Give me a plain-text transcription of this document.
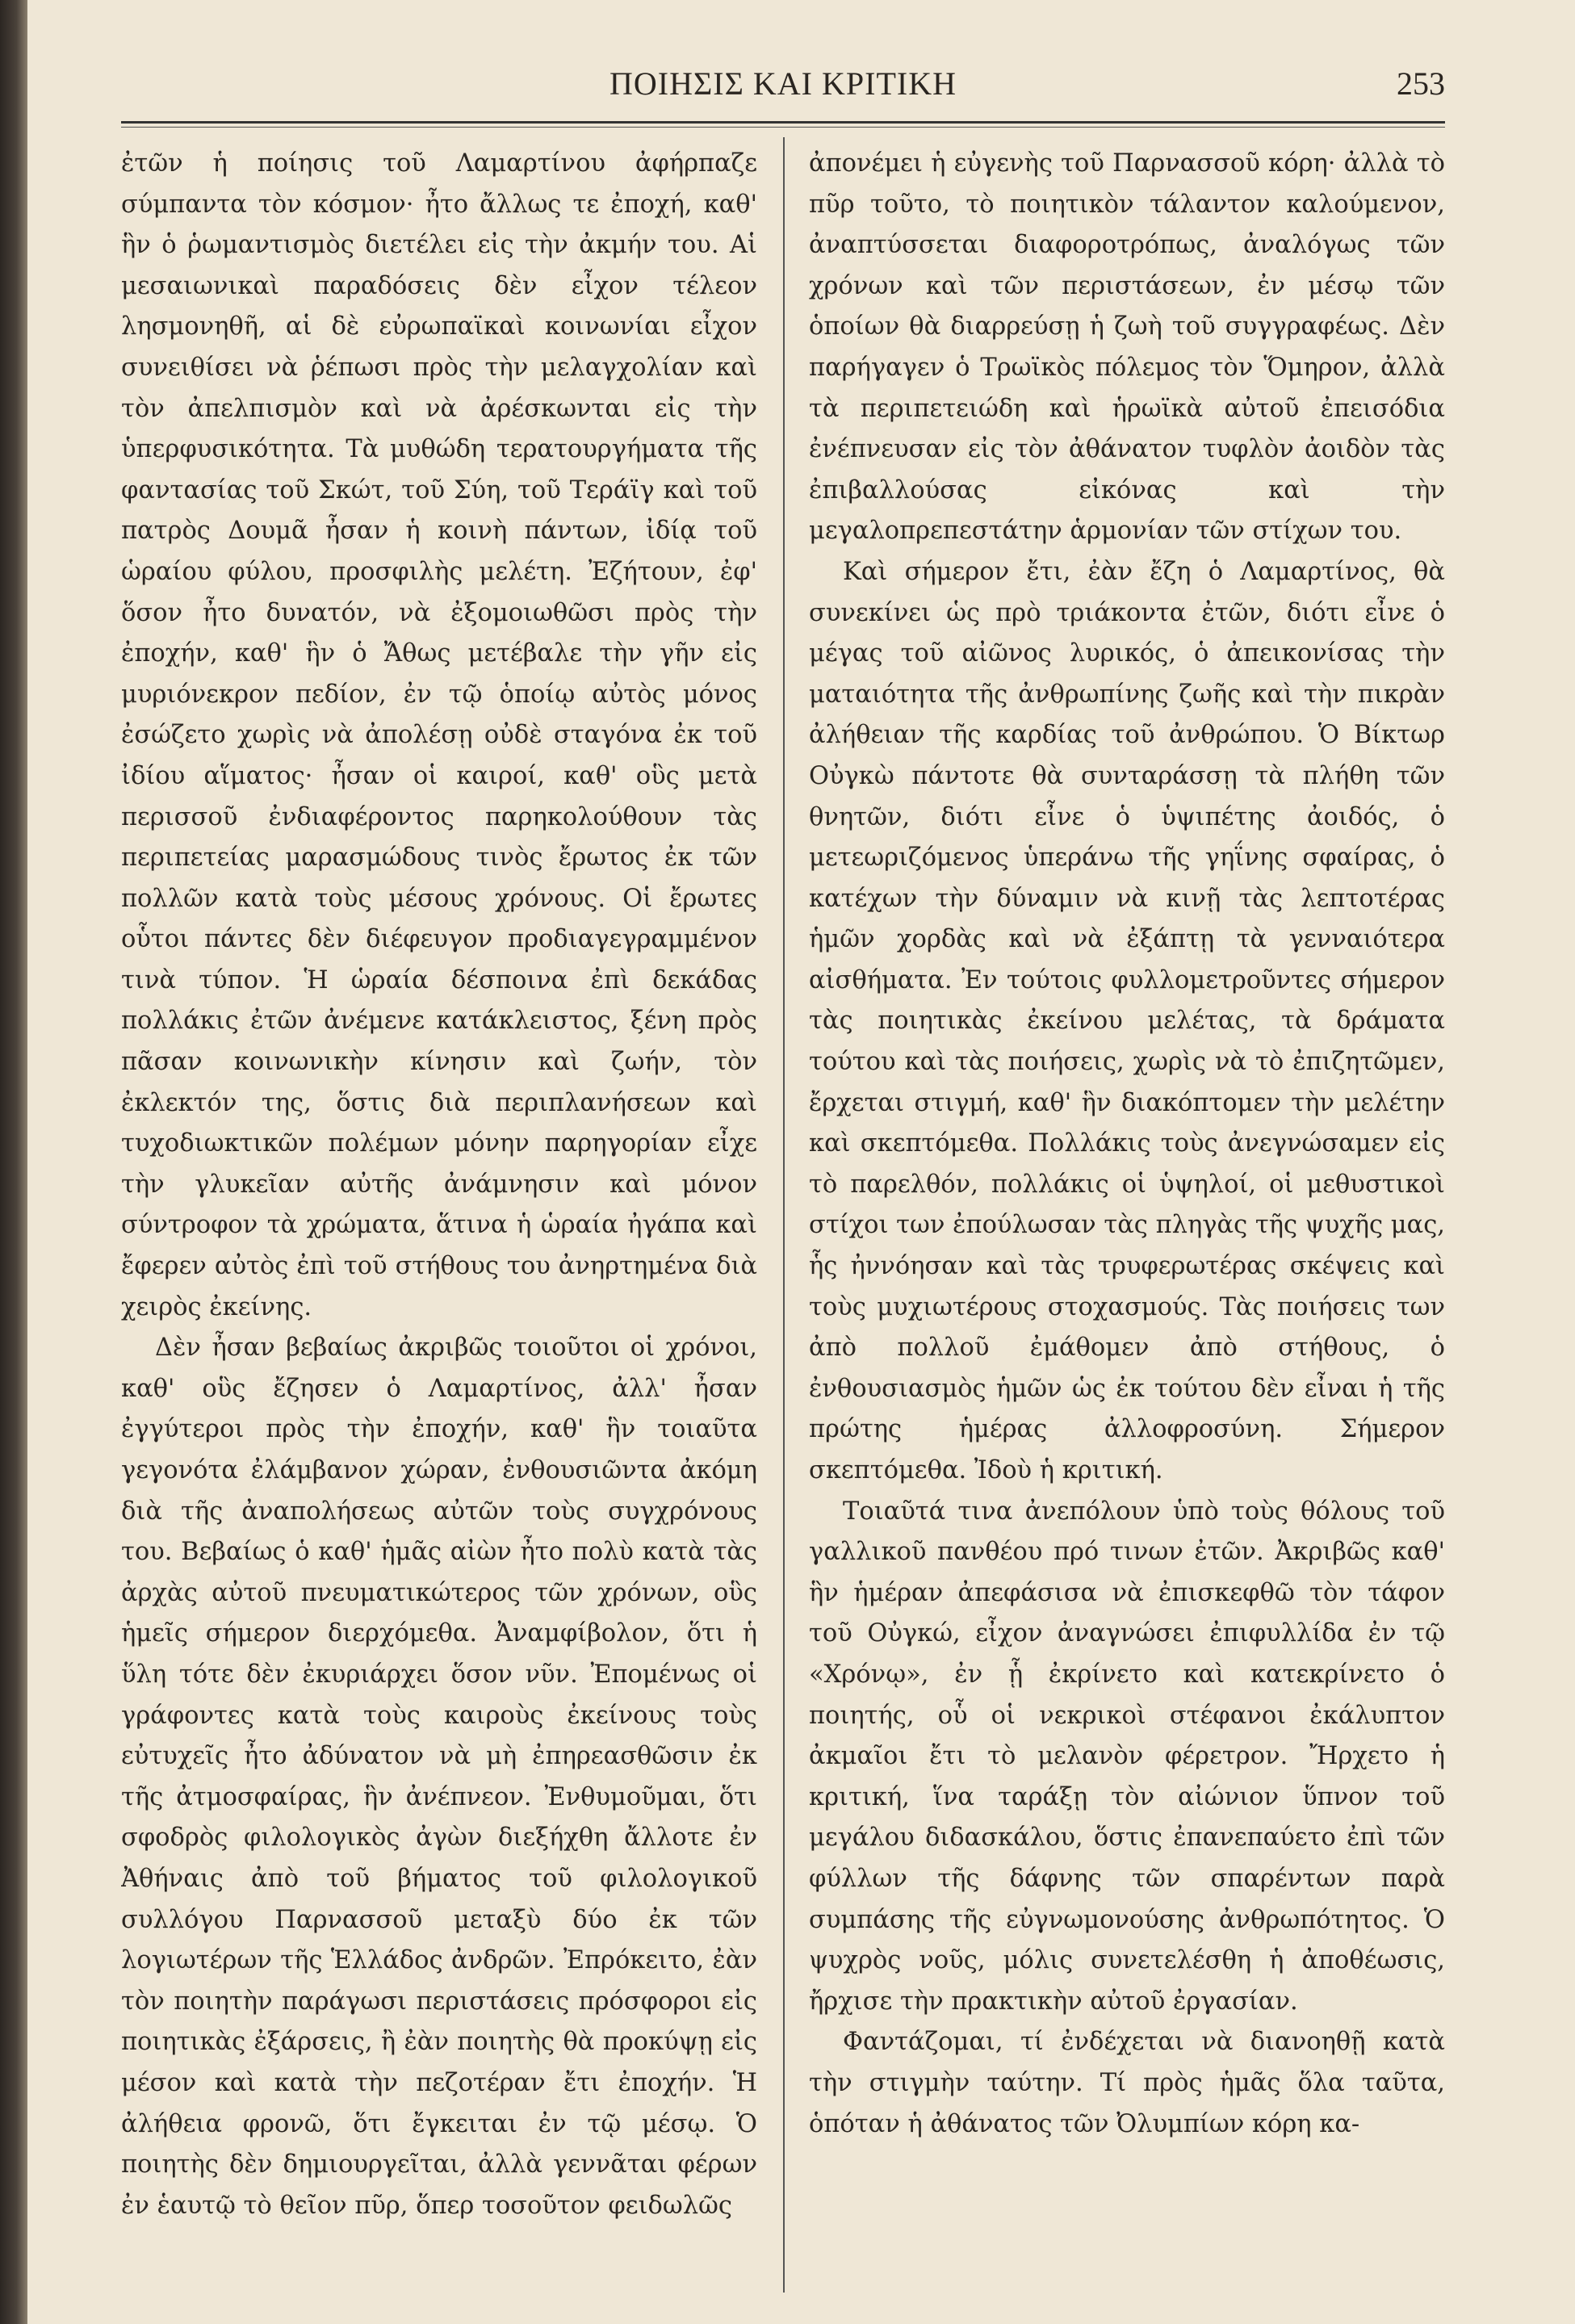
ΠΟΙΗΣΙΣ ΚΑΙ ΚΡΙΤΙΚΗ	253

ἐτῶν ἡ ποίησις τοῦ Λαμαρτίνου ἀφήρπαζε σύμπαντα τὸν κόσμον· ἦτο ἄλλως τε ἐποχή, καθ' ἣν ὁ ῥωμαντισμὸς διετέλει εἰς τὴν ἀκμήν του. Αἱ μεσαιωνικαὶ παραδόσεις δὲν εἶχον τέλεον λησμονηθῆ, αἱ δὲ εὐρωπαϊκαὶ κοινωνίαι εἶχον συνειθίσει νὰ ῥέπωσι πρὸς τὴν μελαγχολίαν καὶ τὸν ἀπελπισμὸν καὶ νὰ ἀρέσκωνται εἰς τὴν ὑπερφυσικότητα. Τὰ μυθώδη τερατουργήματα τῆς φαντασίας τοῦ Σκώτ, τοῦ Σύη, τοῦ Τεράϊγ καὶ τοῦ πατρὸς Δουμᾶ ἦσαν ἡ κοινὴ πάντων, ἰδίᾳ τοῦ ὡραίου φύλου, προσφιλὴς μελέτη. Ἐζήτουν, ἐφ' ὅσον ἦτο δυνατόν, νὰ ἐξομοιωθῶσι πρὸς τὴν ἐποχήν, καθ' ἣν ὁ Ἄθως μετέβαλε τὴν γῆν εἰς μυριόνεκρον πεδίον, ἐν τῷ ὁποίῳ αὐτὸς μόνος ἐσώζετο χωρὶς νὰ ἀπολέσῃ οὐδὲ σταγόνα ἐκ τοῦ ἰδίου αἵματος· ἦσαν οἱ καιροί, καθ' οὓς μετὰ περισσοῦ ἐνδιαφέροντος παρηκολούθουν τὰς περιπετείας μαρασμώδους τινὸς ἔρωτος ἐκ τῶν πολλῶν κατὰ τοὺς μέσους χρόνους. Οἱ ἔρωτες οὗτοι πάντες δὲν διέφευγον προδιαγεγραμμένον τινὰ τύπον. Ἡ ὡραία δέσποινα ἐπὶ δεκάδας πολλάκις ἐτῶν ἀνέμενε κατάκλειστος, ξένη πρὸς πᾶσαν κοινωνικὴν κίνησιν καὶ ζωήν, τὸν ἐκλεκτόν της, ὅστις διὰ περιπλανήσεων καὶ τυχοδιωκτικῶν πολέμων μόνην παρηγορίαν εἶχε τὴν γλυκεῖαν αὐτῆς ἀνάμνησιν καὶ μόνον σύντροφον τὰ χρώματα, ἅτινα ἡ ὡραία ἠγάπα καὶ ἔφερεν αὐτὸς ἐπὶ τοῦ στήθους του ἀνηρτημένα διὰ χειρὸς ἐκείνης.

Δὲν ἦσαν βεβαίως ἀκριβῶς τοιοῦτοι οἱ χρόνοι, καθ' οὓς ἔζησεν ὁ Λαμαρτίνος, ἀλλ' ἦσαν ἐγγύτεροι πρὸς τὴν ἐποχήν, καθ' ἣν τοιαῦτα γεγονότα ἐλάμβανον χώραν, ἐνθουσιῶντα ἀκόμη διὰ τῆς ἀναπολήσεως αὐτῶν τοὺς συγχρόνους του. Βεβαίως ὁ καθ' ἡμᾶς αἰὼν ἦτο πολὺ κατὰ τὰς ἀρχὰς αὐτοῦ πνευματικώτερος τῶν χρόνων, οὓς ἡμεῖς σήμερον διερχόμεθα. Ἀναμφίβολον, ὅτι ἡ ὕλη τότε δὲν ἐκυριάρχει ὅσον νῦν. Ἐπομένως οἱ γράφοντες κατὰ τοὺς καιροὺς ἐκείνους τοὺς εὐτυχεῖς ἦτο ἀδύνατον νὰ μὴ ἐπηρεασθῶσιν ἐκ τῆς ἀτμοσφαίρας, ἣν ἀνέπνεον. Ἐνθυμοῦμαι, ὅτι σφοδρὸς φιλολογικὸς ἀγὼν διεξήχθη ἄλλοτε ἐν Ἀθήναις ἀπὸ τοῦ βήματος τοῦ φιλολογικοῦ συλλόγου Παρνασσοῦ μεταξὺ δύο ἐκ τῶν λογιωτέρων τῆς Ἑλλάδος ἀνδρῶν. Ἐπρόκειτο, ἐὰν τὸν ποιητὴν παράγωσι περιστάσεις πρόσφοροι εἰς ποιητικὰς ἐξάρσεις, ἢ ἐὰν ποιητὴς θὰ προκύψῃ εἰς μέσον καὶ κατὰ τὴν πεζοτέραν ἔτι ἐποχήν. Ἡ ἀλήθεια φρονῶ, ὅτι ἔγκειται ἐν τῷ μέσῳ. Ὁ ποιητὴς δὲν δημιουργεῖται, ἀλλὰ γεννᾶται φέρων ἐν ἑαυτῷ τὸ θεῖον πῦρ, ὅπερ τοσοῦτον φειδωλῶς

ἀπονέμει ἡ εὐγενὴς τοῦ Παρνασσοῦ κόρη· ἀλλὰ τὸ πῦρ τοῦτο, τὸ ποιητικὸν τάλαντον καλούμενον, ἀναπτύσσεται διαφοροτρόπως, ἀναλόγως τῶν χρόνων καὶ τῶν περιστάσεων, ἐν μέσῳ τῶν ὁποίων θὰ διαρρεύσῃ ἡ ζωὴ τοῦ συγγραφέως. Δὲν παρήγαγεν ὁ Τρωϊκὸς πόλεμος τὸν Ὅμηρον, ἀλλὰ τὰ περιπετειώδη καὶ ἡρωϊκὰ αὐτοῦ ἐπεισόδια ἐνέπνευσαν εἰς τὸν ἀθάνατον τυφλὸν ἀοιδὸν τὰς ἐπιβαλλούσας εἰκόνας καὶ τὴν μεγαλοπρεπεστάτην ἁρμονίαν τῶν στίχων του.

Καὶ σήμερον ἔτι, ἐὰν ἔζη ὁ Λαμαρτίνος, θὰ συνεκίνει ὡς πρὸ τριάκοντα ἐτῶν, διότι εἶνε ὁ μέγας τοῦ αἰῶνος λυρικός, ὁ ἀπεικονίσας τὴν ματαιότητα τῆς ἀνθρωπίνης ζωῆς καὶ τὴν πικρὰν ἀλήθειαν τῆς καρδίας τοῦ ἀνθρώπου. Ὁ Βίκτωρ Οὐγκὼ πάντοτε θὰ συνταράσσῃ τὰ πλήθη τῶν θνητῶν, διότι εἶνε ὁ ὑψιπέτης ἀοιδός, ὁ μετεωριζόμενος ὑπεράνω τῆς γηΐνης σφαίρας, ὁ κατέχων τὴν δύναμιν νὰ κινῇ τὰς λεπτοτέρας ἡμῶν χορδὰς καὶ νὰ ἐξάπτῃ τὰ γενναιότερα αἰσθήματα. Ἐν τούτοις φυλλομετροῦντες σήμερον τὰς ποιητικὰς ἐκείνου μελέτας, τὰ δράματα τούτου καὶ τὰς ποιήσεις, χωρὶς νὰ τὸ ἐπιζητῶμεν, ἔρχεται στιγμή, καθ' ἣν διακόπτομεν τὴν μελέτην καὶ σκεπτόμεθα. Πολλάκις τοὺς ἀνεγνώσαμεν εἰς τὸ παρελθόν, πολλάκις οἱ ὑψηλοί, οἱ μεθυστικοὶ στίχοι των ἐπούλωσαν τὰς πληγὰς τῆς ψυχῆς μας, ἧς ἠννόησαν καὶ τὰς τρυφερωτέρας σκέψεις καὶ τοὺς μυχιωτέρους στοχασμούς. Τὰς ποιήσεις των ἀπὸ πολλοῦ ἐμάθομεν ἀπὸ στήθους, ὁ ἐνθουσιασμὸς ἡμῶν ὡς ἐκ τούτου δὲν εἶναι ἡ τῆς πρώτης ἡμέρας ἀλλοφροσύνη. Σήμερον σκεπτόμεθα. Ἰδοὺ ἡ κριτική.

Τοιαῦτά τινα ἀνεπόλουν ὑπὸ τοὺς θόλους τοῦ γαλλικοῦ πανθέου πρό τινων ἐτῶν. Ἀκριβῶς καθ' ἣν ἡμέραν ἀπεφάσισα νὰ ἐπισκεφθῶ τὸν τάφον τοῦ Οὐγκώ, εἶχον ἀναγνώσει ἐπιφυλλίδα ἐν τῷ «Χρόνῳ», ἐν ᾗ ἐκρίνετο καὶ κατεκρίνετο ὁ ποιητής, οὗ οἱ νεκρικοὶ στέφανοι ἐκάλυπτον ἀκμαῖοι ἔτι τὸ μελανὸν φέρετρον. Ἤρχετο ἡ κριτική, ἵνα ταράξῃ τὸν αἰώνιον ὕπνον τοῦ μεγάλου διδασκάλου, ὅστις ἐπανεπαύετο ἐπὶ τῶν φύλλων τῆς δάφνης τῶν σπαρέντων παρὰ συμπάσης τῆς εὐγνωμονούσης ἀνθρωπότητος. Ὁ ψυχρὸς νοῦς, μόλις συνετελέσθη ἡ ἀποθέωσις, ἤρχισε τὴν πρακτικὴν αὐτοῦ ἐργασίαν.

Φαντάζομαι, τί ἐνδέχεται νὰ διανοηθῇ κατὰ τὴν στιγμὴν ταύτην. Τί πρὸς ἡμᾶς ὅλα ταῦτα, ὁπόταν ἡ ἀθάνατος τῶν Ὀλυμπίων κόρη κα-
